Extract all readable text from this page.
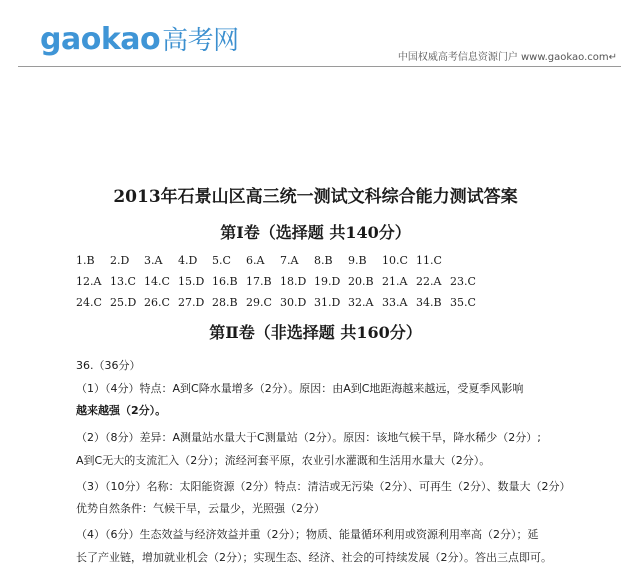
gaokao高考网
中国权威高考信息资源门户 www.gaokao.com↵
2013年石景山区高三统一测试文科综合能力测试答案
第Ⅰ卷（选择题 共140分）
1.B 2.D 3.A 4.D 5.C 6.A 7.A 8.B 9.B 10.C 11.C
12.A 13.C 14.C 15.D 16.B 17.B 18.D 19.D 20.B 21.A 22.A 23.C
24.C 25.D 26.C 27.D 28.B 29.C 30.D 31.D 32.A 33.A 34.B 35.C
第Ⅱ卷（非选择题 共160分）
36.（36分）
（1）（4分）特点：A到C降水量增多（2分）。原因：由A到C地距海越来越远，受夏季风影响
越来越强（2分）。
（2）（8分）差异：A测量站水量大于C测量站（2分）。原因：该地气候干旱，降水稀少（2分）;
A到C无大的支流汇入（2分）；流经河套平原，农业引水灌溉和生活用水量大（2分）。
（3）（10分）名称：太阳能资源（2分）特点：清洁或无污染（2分）、可再生（2分）、数量大（2分）
优势自然条件：气候干旱，云量少，光照强（2分）
（4）（6分）生态效益与经济效益并重（2分）；物质、能量循环利用或资源利用率高（2分）；延
长了产业链，增加就业机会（2分）；实现生态、经济、社会的可持续发展（2分）。答出三点即可。
